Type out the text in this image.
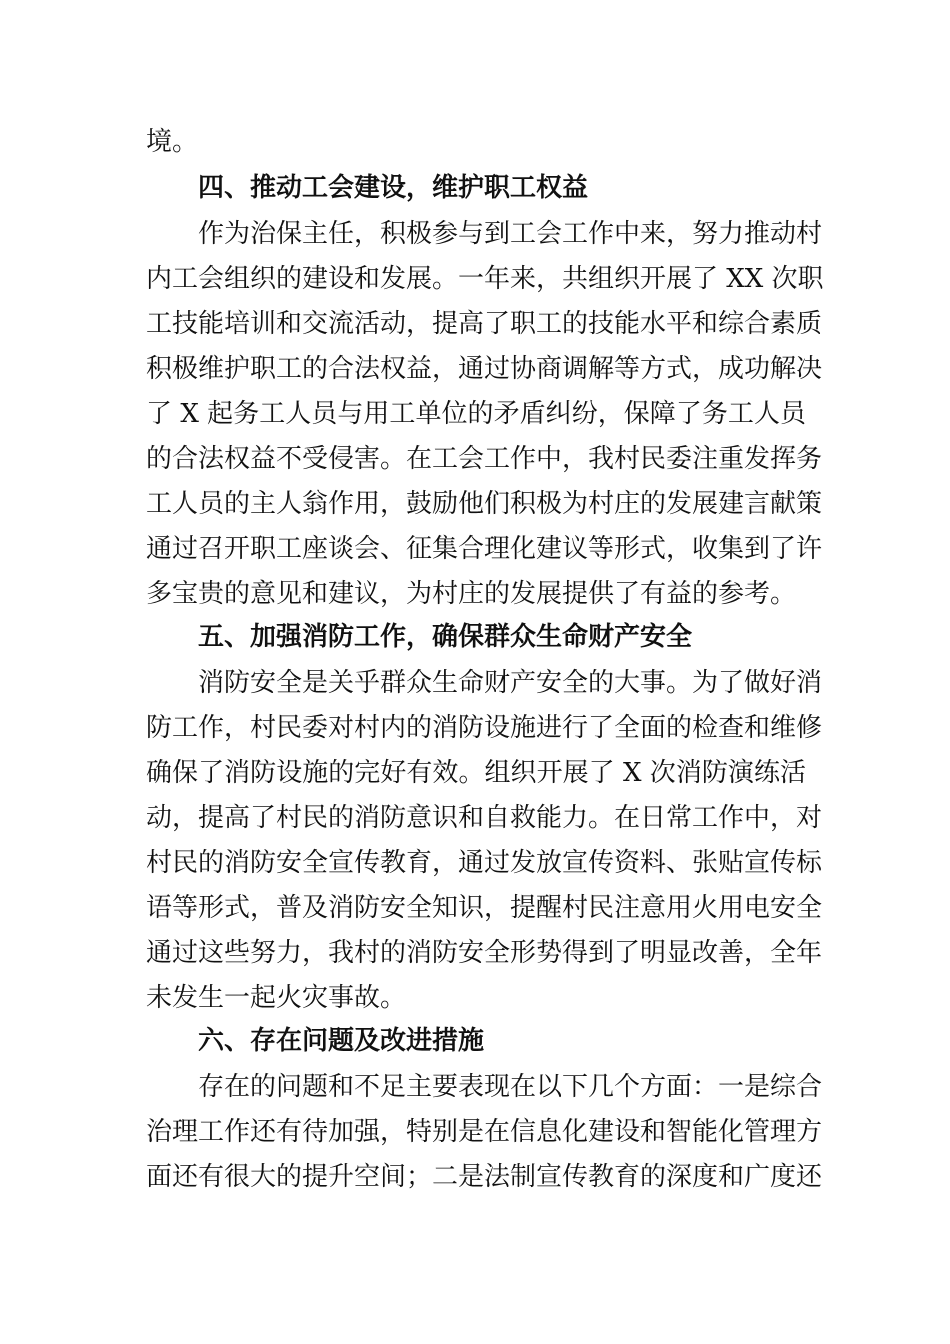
境。
四、推动工会建设，维护职工权益
作为治保主任，积极参与到工会工作中来，努力推动村
内工会组织的建设和发展。一年来，共组织开展了 XX 次职
工技能培训和交流活动，提高了职工的技能水平和综合素质
积极维护职工的合法权益，通过协商调解等方式，成功解决
了 X 起务工人员与用工单位的矛盾纠纷，保障了务工人员
的合法权益不受侵害。在工会工作中，我村民委注重发挥务
工人员的主人翁作用，鼓励他们积极为村庄的发展建言献策
通过召开职工座谈会、征集合理化建议等形式，收集到了许
多宝贵的意见和建议，为村庄的发展提供了有益的参考。
五、加强消防工作，确保群众生命财产安全
消防安全是关乎群众生命财产安全的大事。为了做好消
防工作，村民委对村内的消防设施进行了全面的检查和维修
确保了消防设施的完好有效。组织开展了 X 次消防演练活
动，提高了村民的消防意识和自救能力。在日常工作中，对
村民的消防安全宣传教育，通过发放宣传资料、张贴宣传标
语等形式，普及消防安全知识，提醒村民注意用火用电安全
通过这些努力，我村的消防安全形势得到了明显改善，全年
未发生一起火灾事故。
六、存在问题及改进措施
存在的问题和不足主要表现在以下几个方面：一是综合
治理工作还有待加强，特别是在信息化建设和智能化管理方
面还有很大的提升空间；二是法制宣传教育的深度和广度还
